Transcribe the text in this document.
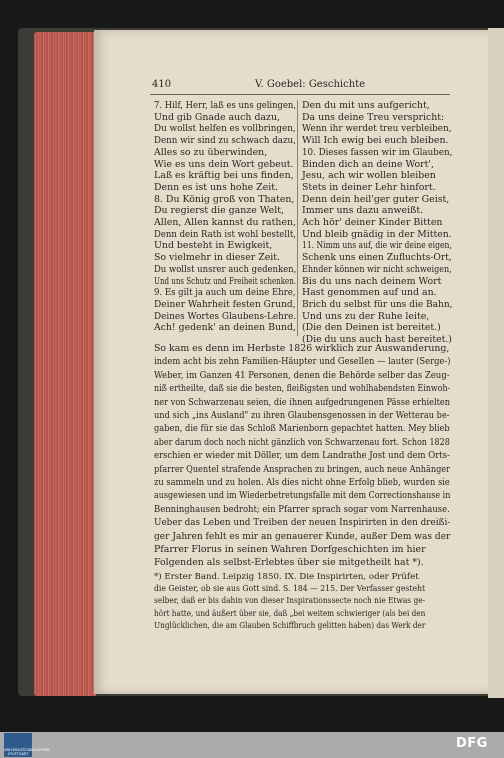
410	V. Goebel: Geschichte
7. Hilf, Herr, laß es uns gelingen,
Und gib Gnade auch dazu,
Du wollst helfen es vollbringen,
Denn wir sind zu schwach dazu,
Alles so zu überwinden,
Wie es uns dein Wort gebeut.
Laß es kräftig bei uns finden,
Denn es ist uns hohe Zeit.
8. Du König groß von Thaten,
Du regierst die ganze Welt,
Allen, Allen kannst du rathen,
Denn dein Rath ist wohl bestellt,
Und besteht in Ewigkeit,
So vielmehr in dieser Zeit.
Du wollst unsrer auch gedenken,
Und uns Schutz und Freiheit schenken.
9. Es gilt ja auch um deine Ehre,
Deiner Wahrheit festen Grund,
Deines Wortes Glaubens-Lehre.
Ach! gedenk' an deinen Bund,
Den du mit uns aufgericht,
Da uns deine Treu verspricht:
Wenn ihr werdet treu verbleiben,
Will Ich ewig bei euch bleiben.
10. Dieses fassen wir im Glauben,
Binden dich an deine Wort',
Jesu, ach wir wollen bleiben
Stets in deiner Lehr hinfort.
Denn dein heil'ger guter Geist,
Immer uns dazu anweißt.
Ach hör' deiner Kinder Bitten
Und bleib gnädig in der Mitten.
11. Nimm uns auf, die wir deine eigen,
Schenk uns einen Zufluchts-Ort,
Ehnder können wir nicht schweigen,
Bis du uns nach deinem Wort
Hast genommen auf und an.
Brich du selbst für uns die Bahn,
Und uns zu der Ruhe leite,
(Die den Deinen ist bereitet.)
(Die du uns auch hast bereitet.)
So kam es denn im Herbste 1826 wirklich zur Auswanderung,
indem acht bis zehn Familien-Häupter und Gesellen — lauter (Serge-)
Weber, im Ganzen 41 Personen, denen die Behörde selber das Zeug-
niß ertheilte, daß sie die besten, fleißigsten und wohlhabendsten Einwoh-
ner von Schwarzenau seien, die ihnen aufgedrungenen Pässe erhielten
und sich „ins Ausland" zu ihren Glaubensgenossen in der Wetterau be-
gaben, die für sie das Schloß Marienborn gepachtet hatten. Mey blieb
aber darum doch noch nicht gänzlich von Schwarzenau fort. Schon 1828
erschien er wieder mit Döller, um dem Landrathe Jost und dem Orts-
pfarrer Quentel strafende Ansprachen zu bringen, auch neue Anhänger
zu sammeln und zu holen. Als dies nicht ohne Erfolg blieb, wurden sie
ausgewiesen und im Wiederbetretungsfalle mit dem Correctionshause in
Benninghausen bedroht; ein Pfarrer sprach sogar vom Narrenhause.
Ueber das Leben und Treiben der neuen Inspirirten in den dreißi-
ger Jahren fehlt es mir an genauerer Kunde, außer Dem was der
Pfarrer Florus in seinen Wahren Dorfgeschichten im hier
Folgenden als selbst-Erlebtes über sie mitgetheilt hat *).
*) Erster Band. Leipzig 1850. IX. Die Inspirirten, oder Prüfet
die Geister, ob sie aus Gott sind. S. 184 — 215. Der Verfasser gesteht
selber, daß er bis dahin von dieser Inspirationssecte noch nie Etwas ge-
hört hatte, und äußert über sie, daß „bei weitem schwieriger (als bei den
Unglücklichen, die am Glauben Schiffbruch gelitten haben) das Werk der
UNIVERSITÄTSBIBLIOTHEK STUTTGART
DFG
